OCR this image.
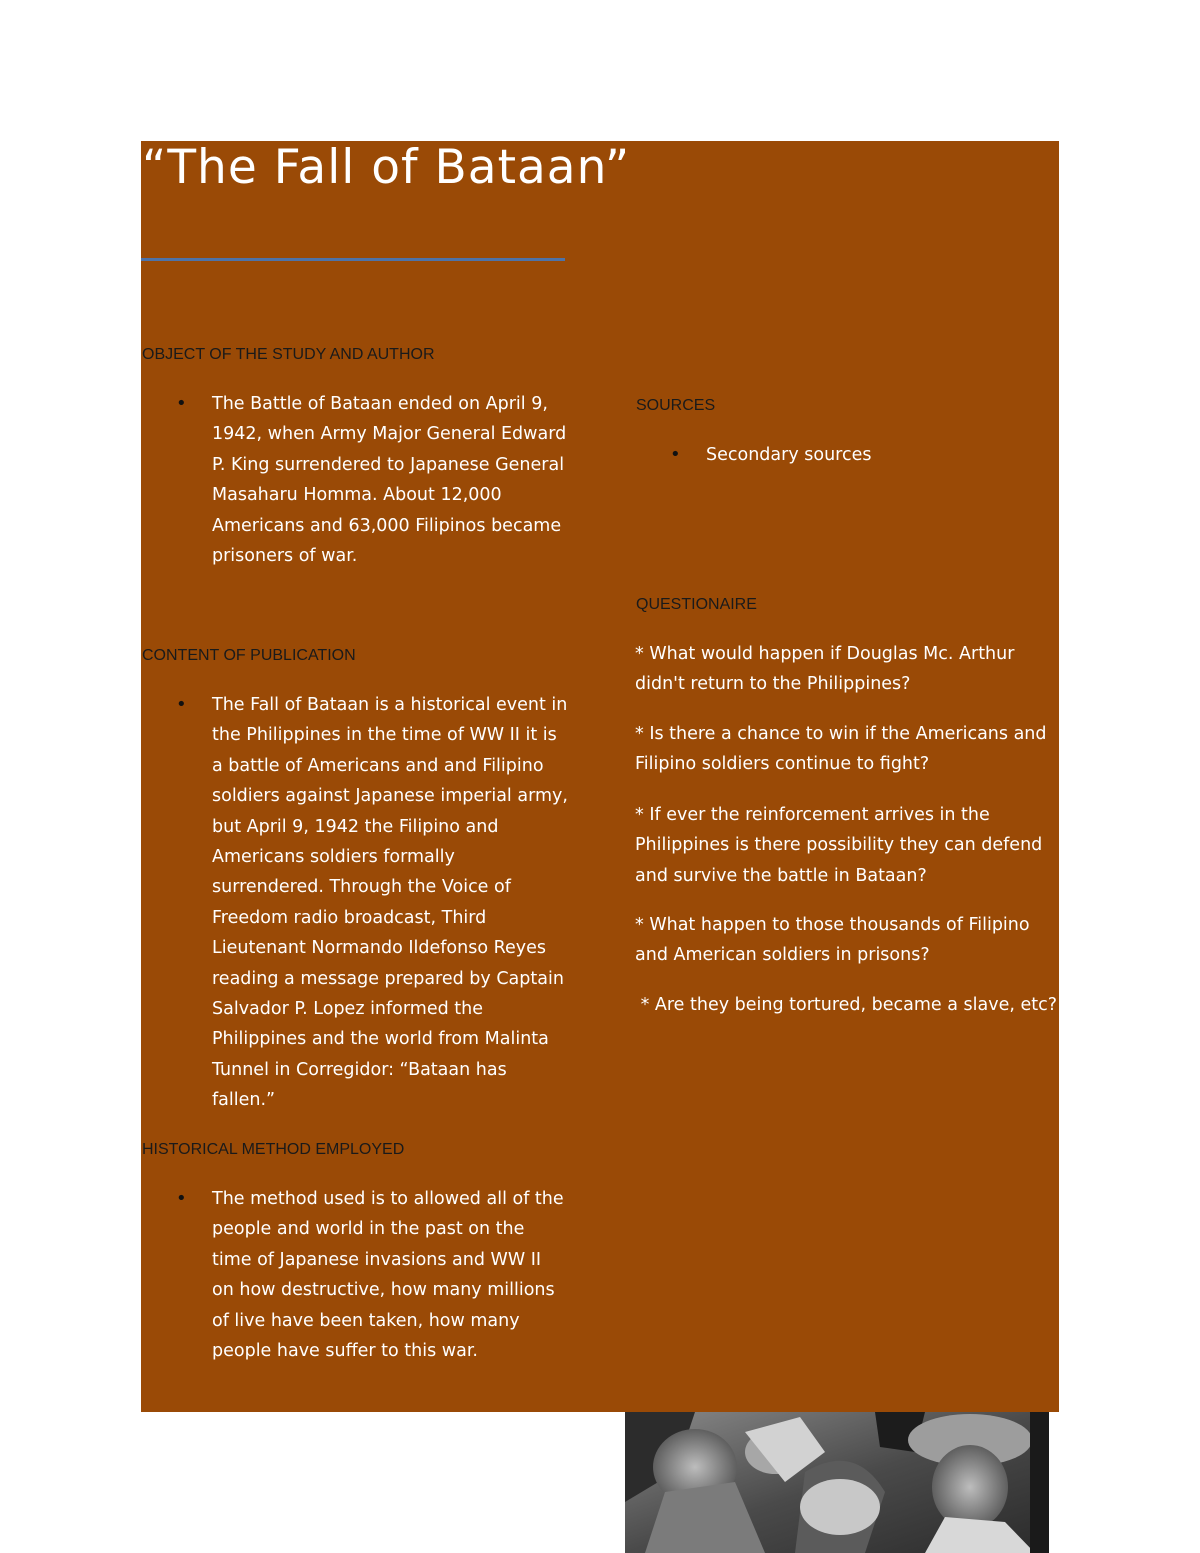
“The Fall of Bataan”
OBJECT OF THE STUDY AND AUTHOR
• The Battle of Bataan ended on April 9, 1942, when Army Major General Edward P. King surrendered to Japanese General Masaharu Homma. About 12,000 Americans and 63,000 Filipinos became prisoners of war.
CONTENT OF PUBLICATION
• The Fall of Bataan is a historical event in the Philippines in the time of WW II it is a battle of Americans and and Filipino soldiers against Japanese imperial army, but April 9, 1942 the Filipino and Americans soldiers formally surrendered. Through the Voice of Freedom radio broadcast, Third Lieutenant Normando Ildefonso Reyes reading a message prepared by Captain Salvador P. Lopez informed the Philippines and the world from Malinta Tunnel in Corregidor: “Bataan has fallen.”
HISTORICAL METHOD EMPLOYED
• The method used is to allowed all of the people and world in the past on the time of Japanese invasions and WW II on how destructive, how many millions of live have been taken, how many people have suffer to this war.
SOURCES
• Secondary sources
QUESTIONAIRE
* What would happen if Douglas Mc. Arthur didn't return to the Philippines?
* Is there a chance to win if the Americans and Filipino soldiers continue to fight?
* If ever the reinforcement arrives in the Philippines is there possibility they can defend and survive the battle in Bataan?
* What happen to those thousands of Filipino and American soldiers in prisons?
* Are they being tortured, became a slave, etc?
